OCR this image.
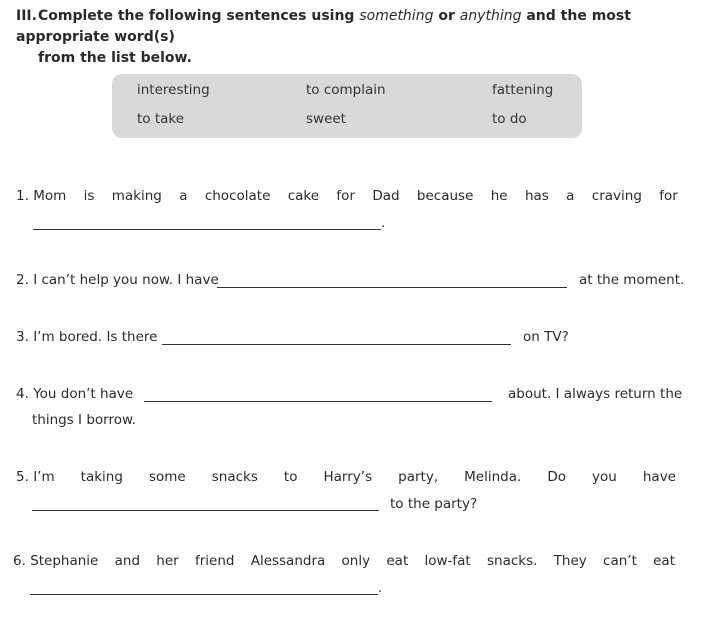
III.Complete the following sentences using something or anything and the most appropriate word(s)
from the list below.
interesting	to complain	fattening
to take	sweet	to do
1. Mom is making a chocolate cake for Dad because he has a craving for
.
2. I can’t help you now. I have	at the moment.
3. I’m bored. Is there	on TV?
4. You don’t have	about. I always return the
things I borrow.
5. I’m taking some snacks to Harry’s party, Melinda. Do you have
to the party?
6. Stephanie and her friend Alessandra only eat low-fat snacks. They can’t eat
.
